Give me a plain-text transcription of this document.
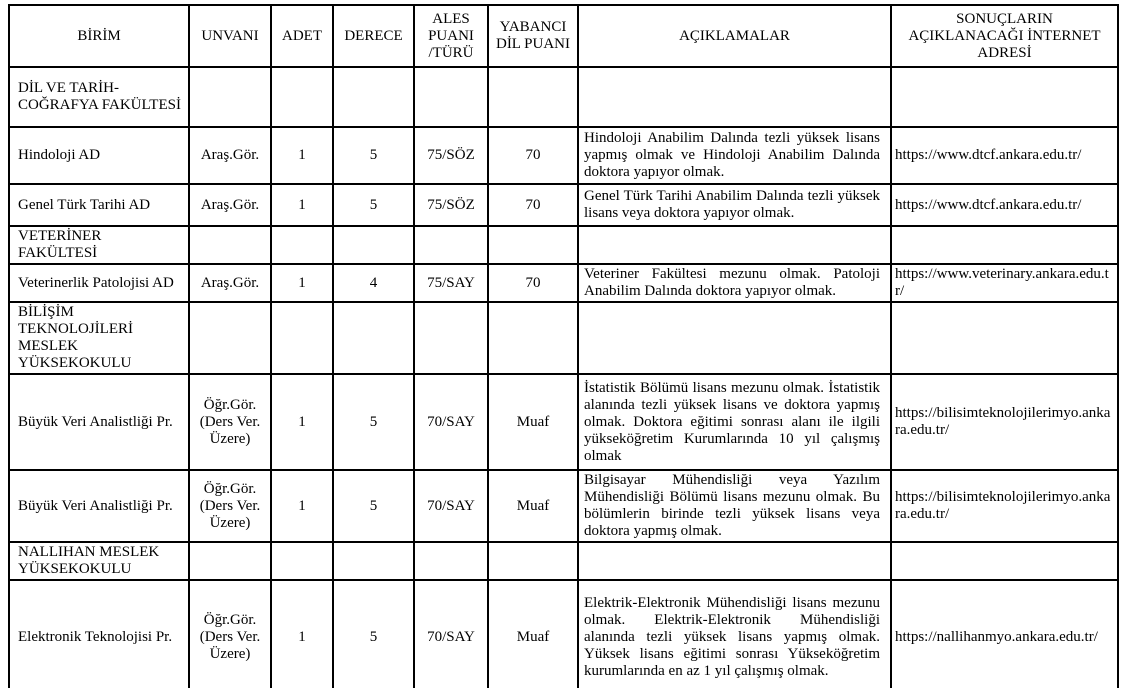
BİRİM	UNVANI	ADET	DERECE	ALES PUANI /TÜRÜ	YABANCI DİL PUANI	AÇIKLAMALAR	SONUÇLARIN AÇIKLANACAĞI İNTERNET ADRESİ
DİL VE TARİH-COĞRAFYA FAKÜLTESİ							
Hindoloji AD	Araş.Gör.	1	5	75/SÖZ	70	Hindoloji Anabilim Dalında tezli yüksek lisans yapmış olmak ve Hindoloji Anabilim Dalında doktora yapıyor olmak.	https://www.dtcf.ankara.edu.tr/
Genel Türk Tarihi AD	Araş.Gör.	1	5	75/SÖZ	70	Genel Türk Tarihi Anabilim Dalında tezli yüksek lisans veya doktora yapıyor olmak.	https://www.dtcf.ankara.edu.tr/
VETERİNER FAKÜLTESİ							
Veterinerlik Patolojisi AD	Araş.Gör.	1	4	75/SAY	70	Veteriner Fakültesi mezunu olmak. Patoloji Anabilim Dalında doktora yapıyor olmak.	https://www.veterinary.ankara.edu.tr/
BİLİŞİM TEKNOLOJİLERİ MESLEK YÜKSEKOKULU							
Büyük Veri Analistliği Pr.	Öğr.Gör. (Ders Ver. Üzere)	1	5	70/SAY	Muaf	İstatistik Bölümü lisans mezunu olmak. İstatistik alanında tezli yüksek lisans ve doktora yapmış olmak. Doktora eğitimi sonrası alanı ile ilgili yükseköğretim Kurumlarında 10 yıl çalışmış olmak	https://bilisimteknolojilerimyo.ankara.edu.tr/
Büyük Veri Analistliği Pr.	Öğr.Gör. (Ders Ver. Üzere)	1	5	70/SAY	Muaf	Bilgisayar Mühendisliği veya Yazılım Mühendisliği Bölümü lisans mezunu olmak. Bu bölümlerin birinde tezli yüksek lisans veya doktora yapmış olmak.	https://bilisimteknolojilerimyo.ankara.edu.tr/
NALLIHAN MESLEK YÜKSEKOKULU							
Elektronik Teknolojisi Pr.	Öğr.Gör. (Ders Ver. Üzere)	1	5	70/SAY	Muaf	Elektrik-Elektronik Mühendisliği lisans mezunu olmak. Elektrik-Elektronik Mühendisliği alanında tezli yüksek lisans yapmış olmak. Yüksek lisans eğitimi sonrası Yükseköğretim kurumlarında en az 1 yıl çalışmış olmak.	https://nallihanmyo.ankara.edu.tr/
